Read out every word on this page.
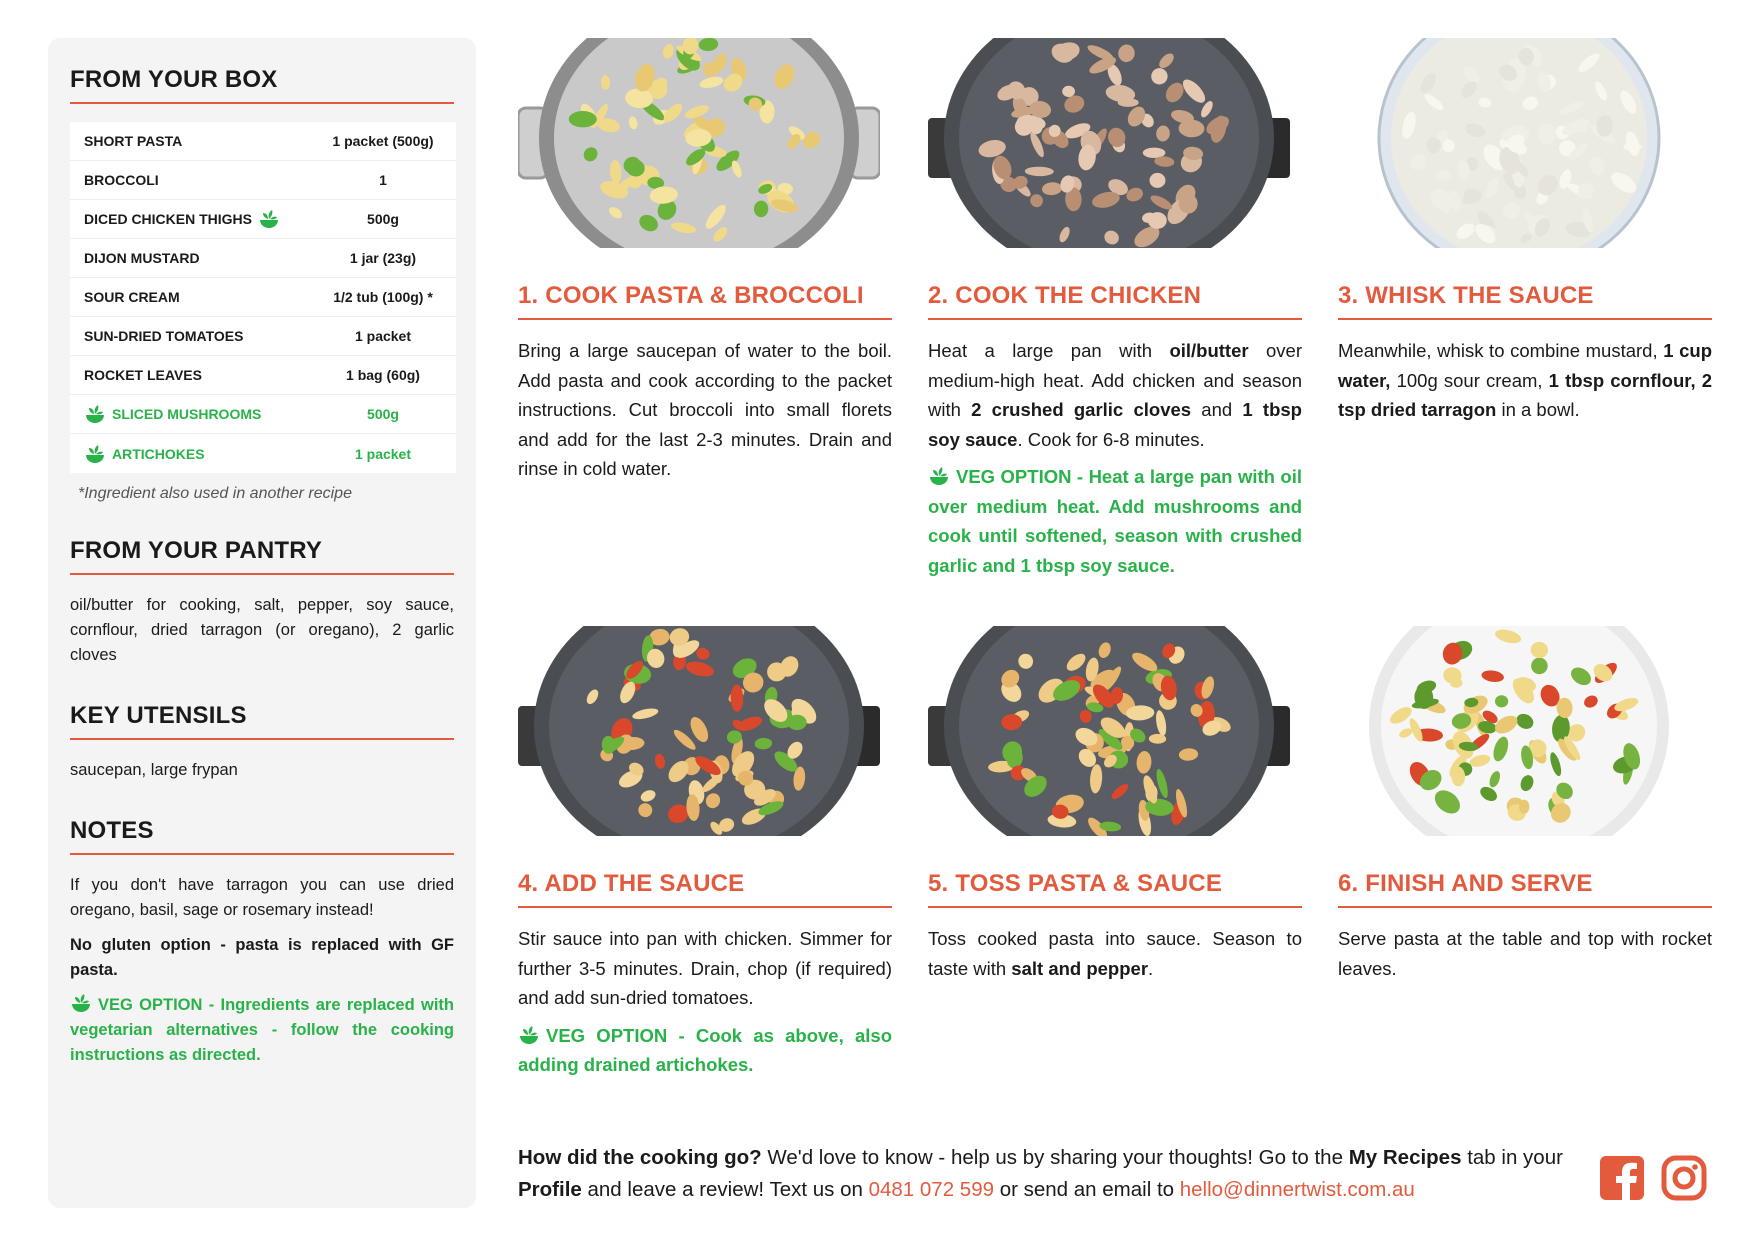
FROM YOUR BOX
SHORT PASTA	1 packet (500g)
BROCCOLI	1
DICED CHICKEN THIGHS	500g
DIJON MUSTARD	1 jar (23g)
SOUR CREAM	1/2 tub (100g) *
SUN-DRIED TOMATOES	1 packet
ROCKET LEAVES	1 bag (60g)
SLICED MUSHROOMS	500g
ARTICHOKES	1 packet
*Ingredient also used in another recipe
FROM YOUR PANTRY
oil/butter for cooking, salt, pepper, soy sauce, cornflour, dried tarragon (or oregano), 2 garlic cloves
KEY UTENSILS
saucepan, large frypan
NOTES
If you don't have tarragon you can use dried oregano, basil, sage or rosemary instead!
No gluten option - pasta is replaced with GF pasta.
VEG OPTION - Ingredients are replaced with vegetarian alternatives - follow the cooking instructions as directed.
1. COOK PASTA & BROCCOLI
Bring a large saucepan of water to the boil. Add pasta and cook according to the packet instructions. Cut broccoli into small florets and add for the last 2-3 minutes. Drain and rinse in cold water.
2. COOK THE CHICKEN
Heat a large pan with oil/butter over medium-high heat. Add chicken and season with 2 crushed garlic cloves and 1 tbsp soy sauce. Cook for 6-8 minutes.
VEG OPTION - Heat a large pan with oil over medium heat. Add mushrooms and cook until softened, season with crushed garlic and 1 tbsp soy sauce.
3. WHISK THE SAUCE
Meanwhile, whisk to combine mustard, 1 cup water, 100g sour cream, 1 tbsp cornflour, 2 tsp dried tarragon in a bowl.
4. ADD THE SAUCE
Stir sauce into pan with chicken. Simmer for further 3-5 minutes. Drain, chop (if required) and add sun-dried tomatoes.
VEG OPTION - Cook as above, also adding drained artichokes.
5. TOSS PASTA & SAUCE
Toss cooked pasta into sauce. Season to taste with salt and pepper.
6. FINISH AND SERVE
Serve pasta at the table and top with rocket leaves.
How did the cooking go? We'd love to know - help us by sharing your thoughts! Go to the My Recipes tab in your Profile and leave a review! Text us on 0481 072 599 or send an email to hello@dinnertwist.com.au
